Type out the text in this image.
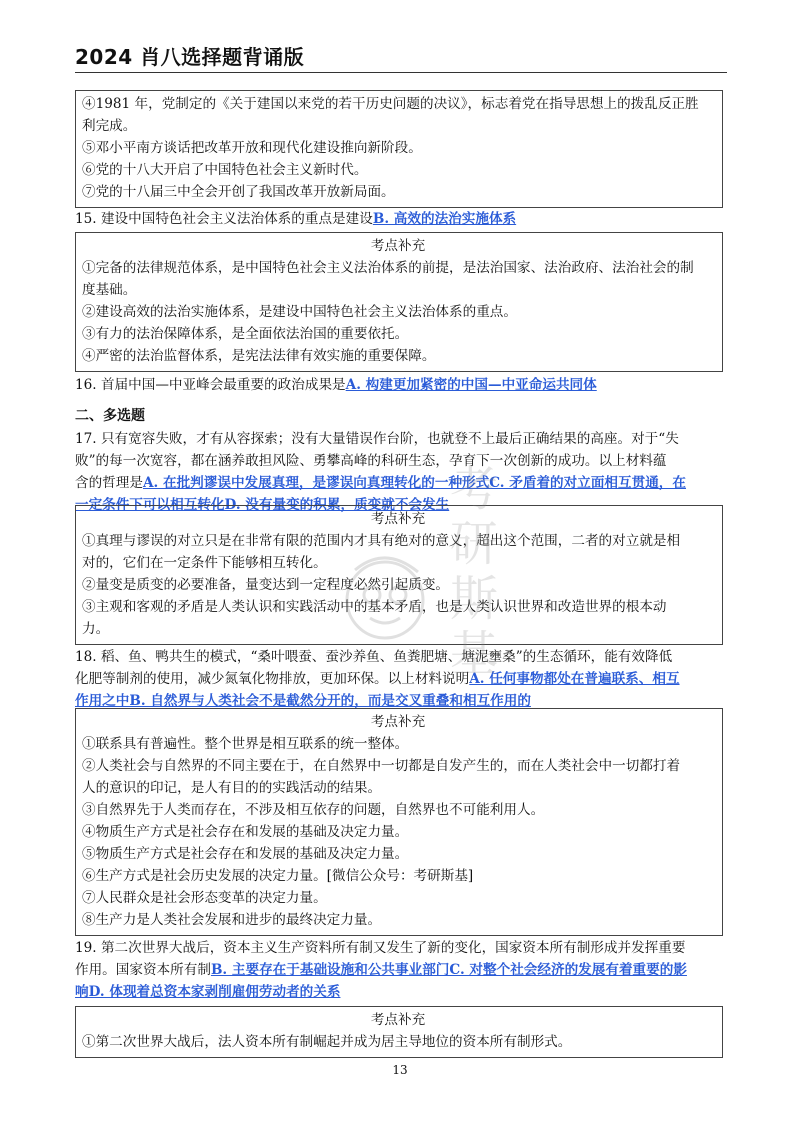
2024 肖八选择题背诵版
④1981 年，党制定的《关于建国以来党的若干历史问题的决议》，标志着党在指导思想上的拨乱反正胜
利完成。
⑤邓小平南方谈话把改革开放和现代化建设推向新阶段。
⑥党的十八大开启了中国特色社会主义新时代。
⑦党的十八届三中全会开创了我国改革开放新局面。
15. 建设中国特色社会主义法治体系的重点是建设B. 高效的法治实施体系
考点补充
①完备的法律规范体系，是中国特色社会主义法治体系的前提，是法治国家、法治政府、法治社会的制
度基础。
②建设高效的法治实施体系，是建设中国特色社会主义法治体系的重点。
③有力的法治保障体系，是全面依法治国的重要依托。
④严密的法治监督体系，是宪法法律有效实施的重要保障。
16. 首届中国—中亚峰会最重要的政治成果是A. 构建更加紧密的中国—中亚命运共同体
二、多选题
17. 只有宽容失败，才有从容探索；没有大量错误作台阶，也就登不上最后正确结果的高座。对于“失
败”的每一次宽容，都在涵养敢担风险、勇攀高峰的科研生态，孕育下一次创新的成功。以上材料蕴
含的哲理是A. 在批判谬误中发展真理，是谬误向真理转化的一种形式C. 矛盾着的对立面相互贯通，在
一定条件下可以相互转化D. 没有量变的积累，质变就不会发生
考点补充
①真理与谬误的对立只是在非常有限的范围内才具有绝对的意义，超出这个范围，二者的对立就是相
对的，它们在一定条件下能够相互转化。
②量变是质变的必要准备，量变达到一定程度必然引起质变。
③主观和客观的矛盾是人类认识和实践活动中的基本矛盾，也是人类认识世界和改造世界的根本动
力。
18. 稻、鱼、鸭共生的模式，“桑叶喂蚕、蚕沙养鱼、鱼粪肥塘、塘泥壅桑”的生态循环，能有效降低
化肥等制剂的使用，减少氮氧化物排放，更加环保。以上材料说明A. 任何事物都处在普遍联系、相互
作用之中B. 自然界与人类社会不是截然分开的，而是交叉重叠和相互作用的
考点补充
①联系具有普遍性。整个世界是相互联系的统一整体。
②人类社会与自然界的不同主要在于，在自然界中一切都是自发产生的，而在人类社会中一切都打着
人的意识的印记，是人有目的的实践活动的结果。
③自然界先于人类而存在，不涉及相互依存的问题，自然界也不可能利用人。
④物质生产方式是社会存在和发展的基础及决定力量。
⑤物质生产方式是社会存在和发展的基础及决定力量。
⑥生产方式是社会历史发展的决定力量。[微信公众号：考研斯基]
⑦人民群众是社会形态变革的决定力量。
⑧生产力是人类社会发展和进步的最终决定力量。
19. 第二次世界大战后，资本主义生产资料所有制又发生了新的变化，国家资本所有制形成并发挥重要
作用。国家资本所有制B. 主要存在于基础设施和公共事业部门C. 对整个社会经济的发展有着重要的影
响D. 体现着总资本家剥削雇佣劳动者的关系
考点补充
①第二次世界大战后，法人资本所有制崛起并成为居主导地位的资本所有制形式。
13
考
研
斯
基
